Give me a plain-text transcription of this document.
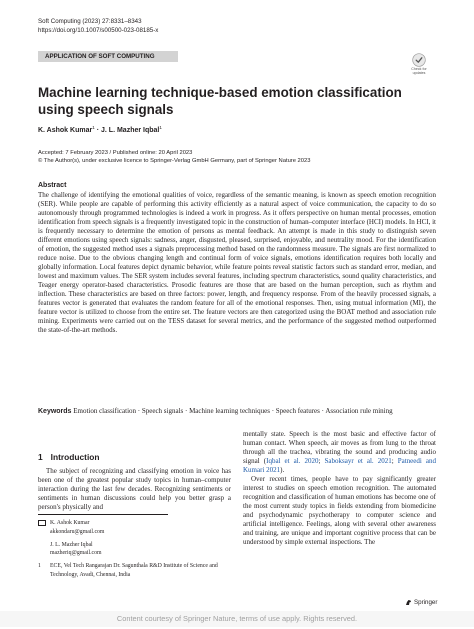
Soft Computing (2023) 27:8331–8343
https://doi.org/10.1007/s00500-023-08185-x
APPLICATION OF SOFT COMPUTING
Check for
updates
Machine learning technique-based emotion classification using speech signals
K. Ashok Kumar$^1$ · J. L. Mazher Iqbal$^1$
Accepted: 7 February 2023 / Published online: 20 April 2023
© The Author(s), under exclusive licence to Springer-Verlag GmbH Germany, part of Springer Nature 2023
Abstract

The challenge of identifying the emotional qualities of voice, regardless of the semantic meaning, is known as speech emotion recognition (SER). While people are capable of performing this activity efficiently as a natural aspect of voice communication, the capacity to do so autonomously through programmed technologies is indeed a work in progress. As it offers perspective on human mental processes, emotion identification from speech signals is a frequently investigated topic in the construction of human–computer interface (HCI) models. In HCI, it is frequently necessary to determine the emotion of persons as mental feedback. An attempt is made in this study to distinguish seven different emotions using speech signals: sadness, anger, disgusted, pleased, surprised, enjoyable, and neutrality mood. For the identification of emotion, the suggested method uses a signals preprocessing method based on the randomness measure. The signals are first normalized to reduce noise. Due to the obvious changing length and continual form of voice signals, emotions identification requires both locally and globally information. Local features depict dynamic behavior, while feature points reveal statistic factors such as standard error, median, and lowest and maximum values. The SER system includes several features, including spectrum characteristics, sound quality characteristics, and Teager energy operator-based characteristics. Prosodic features are those that are based on the human perception, such as rhythm and inflection. These characteristics are based on three factors: power, length, and frequency response. From of the heavily processed signals, a features vector is generated that evaluates the random feature for all of the emotional responses. Then, using mutual information (MI), the feature vector is utilized to choose from the entire set. The feature vectors are then categorized using the BOAT method and association rule mining. Experiments were carried out on the TESS dataset for several metrics, and the performance of the suggested method outperformed the state-of-the-art methods.

Keywords Emotion classification · Speech signals · Machine learning techniques · Speech features · Association rule mining
1 Introduction

The subject of recognizing and classifying emotion in voice has been one of the greatest popular study topics in human–computer interaction during the last few decades. Recognizing sentiments or sentiments in human discussions could help you better grasp a person's physically and

K. Ashok Kumar
akkondaru@gmail.com
J. L. Mazher Iqbal
mazheriq@gmail.com
1	ECE, Vel Tech Rangarajan Dr. Sagunthala R&D Institute of Science and Technology, Avadi, Chennai, India

mentally state. Speech is the most basic and effective factor of human contact. When speech, air moves as from lung to the throat through all the trachea, vibrating the sound and producing audio signal (Iqbal et al. 2020; Saboksayr et al. 2021; Patneedi and Kumari 2021).

Over recent times, people have to pay significantly greater interest to studies on speech emotion recognition. The automated recognition and classification of human emotions has become one of the most current study topics in fields extending from biomedicine and psychodynamic psychotherapy to computer science and artificial intelligence. Feelings, along with several other awareness and training, are unique and important cognitive process that can be understood by simple external inspections. The

Springer
Content courtesy of Springer Nature, terms of use apply. Rights reserved.
